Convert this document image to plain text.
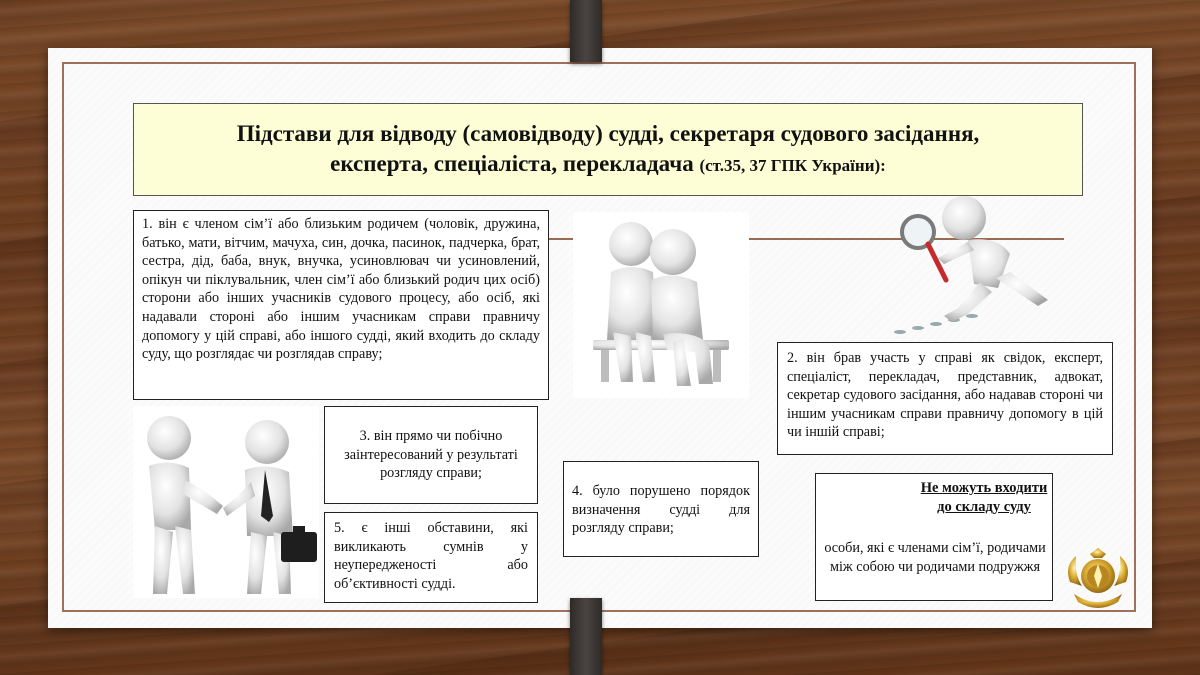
Підстави для відводу (самовідводу) судді, секретаря судового засідання,
експерта, спеціаліста, перекладача (ст.35, 37 ГПК України):
1. він є членом сім’ї або близьким родичем (чоловік, дружина, батько, мати, вітчим, мачуха, син, дочка, пасинок, падчерка, брат, сестра, дід, баба, внук, внучка, усиновлювач чи усиновлений, опікун чи піклувальник, член сім’ї або близький родич цих осіб) сторони або інших учасників судового процесу, або осіб, які надавали стороні або іншим учасникам справи правничу допомогу у цій справі, або іншого судді, який входить до складу суду, що розглядає чи розглядав справу;	2. він брав участь у справі як свідок, експерт, спеціаліст, перекладач, представник, адвокат, секретар судового засідання, або надавав стороні чи іншим учасникам справи правничу допомогу в цій чи іншій справі;
3. він прямо чи побічно заінтересований у результаті розгляду справи;
4. було порушено порядок визначення судді для розгляду справи;
5. є інші обставини, які викликають сумнів у неупередженості або об’єктивності судді.
Не можуть входити до складу суду
особи, які є членами сім’ї, родичами між собою чи родичами подружжя
